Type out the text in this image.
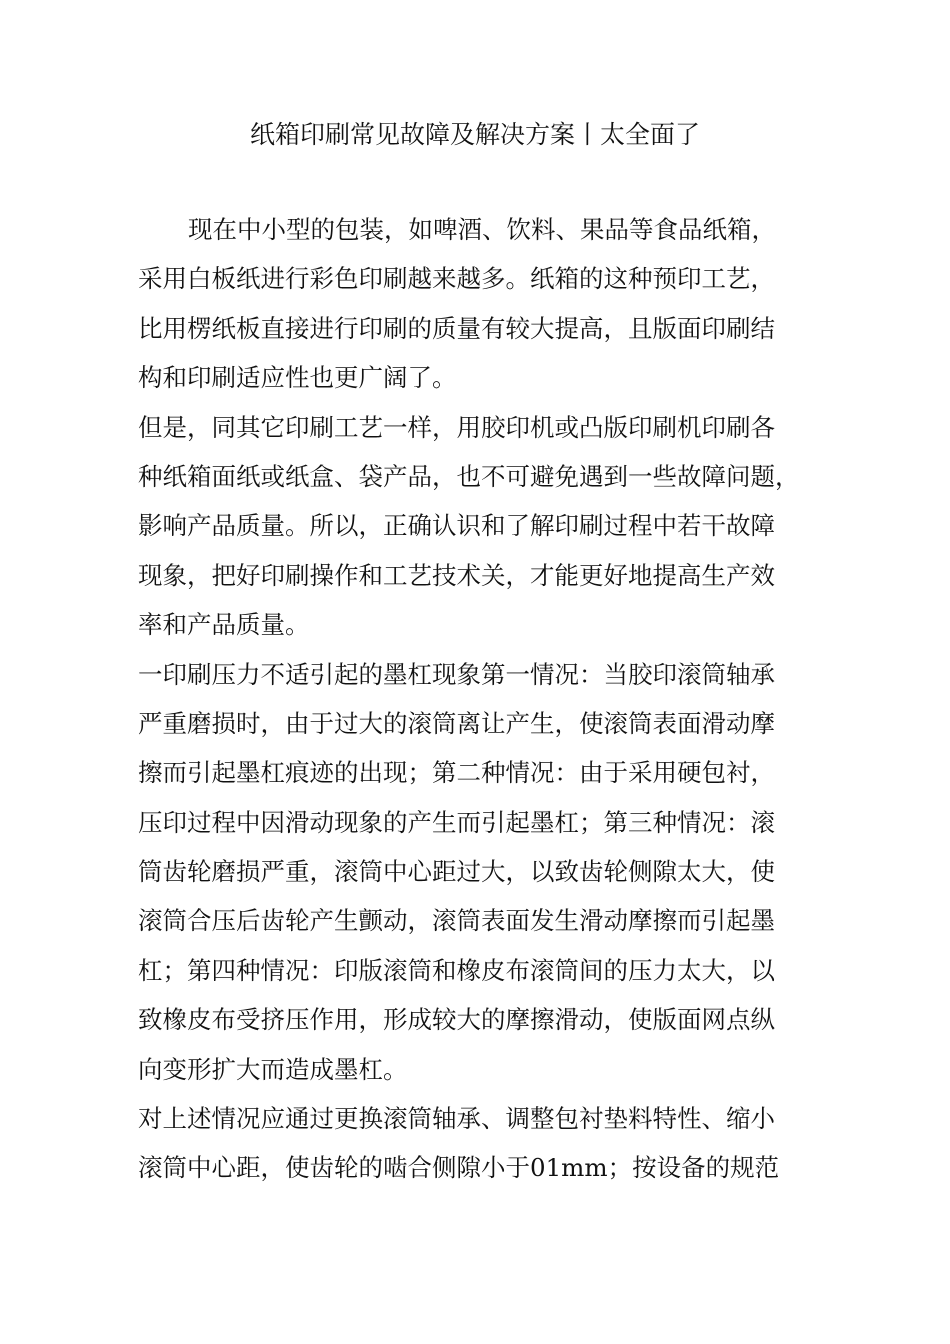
纸箱印刷常见故障及解决方案丨太全面了

现在中小型的包装，如啤酒、饮料、果品等食品纸箱，

采用白板纸进行彩色印刷越来越多。纸箱的这种预印工艺，

比用楞纸板直接进行印刷的质量有较大提高，且版面印刷结

构和印刷适应性也更广阔了。

但是，同其它印刷工艺一样，用胶印机或凸版印刷机印刷各

种纸箱面纸或纸盒、袋产品，也不可避免遇到一些故障问题，

影响产品质量。所以，正确认识和了解印刷过程中若干故障

现象，把好印刷操作和工艺技术关，才能更好地提高生产效

率和产品质量。

一印刷压力不适引起的墨杠现象第一情况：当胶印滚筒轴承

严重磨损时，由于过大的滚筒离让产生，使滚筒表面滑动摩

擦而引起墨杠痕迹的出现；第二种情况：由于采用硬包衬，

压印过程中因滑动现象的产生而引起墨杠；第三种情况：滚

筒齿轮磨损严重，滚筒中心距过大，以致齿轮侧隙太大，使

滚筒合压后齿轮产生颤动，滚筒表面发生滑动摩擦而引起墨

杠；第四种情况：印版滚筒和橡皮布滚筒间的压力太大，以

致橡皮布受挤压作用，形成较大的摩擦滑动，使版面网点纵

向变形扩大而造成墨杠。

对上述情况应通过更换滚筒轴承、调整包衬垫料特性、缩小

滚筒中心距，使齿轮的啮合侧隙小于01mm；按设备的规范
